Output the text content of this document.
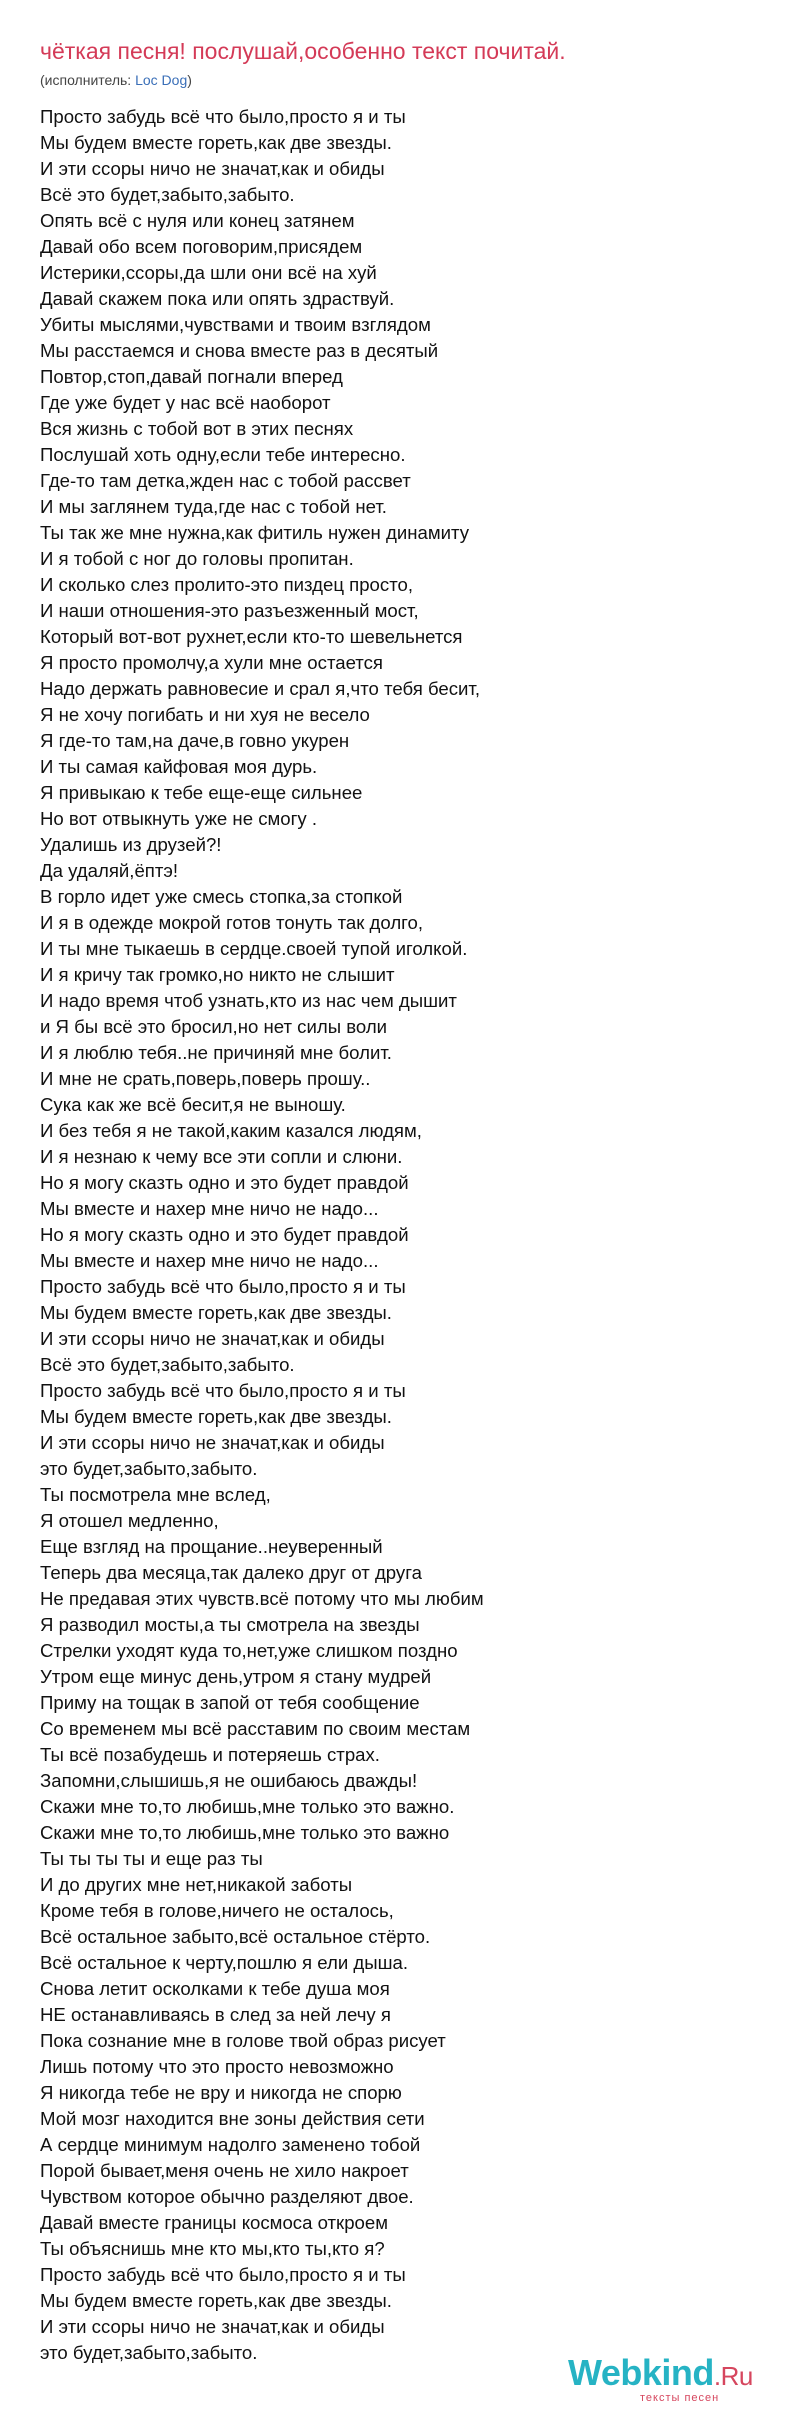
чёткая песня! послушай,особенно текст почитай.
(исполнитель: Loc Dog)
Просто забудь всё что было,просто я и ты
Мы будем вместе гореть,как две звезды.
И эти ссоры ничо не значат,как и обиды
Всё это будет,забыто,забыто.
Опять всё с нуля или конец затянем
Давай обо всем поговорим,присядем
Истерики,ссоры,да шли они всё на хуй
Давай скажем пока или опять здраствуй.
Убиты мыслями,чувствами и твоим взглядом
Мы расстаемся и снова вместе раз в десятый
Повтор,стоп,давай погнали вперед
Где уже будет у нас всё наоборот
Вся жизнь с тобой вот в этих песнях
Послушай хоть одну,если тебе интересно.
Где-то там детка,жден нас с тобой рассвет
И мы заглянем туда,где нас с тобой нет.
Ты так же мне нужна,как фитиль нужен динамиту
И я тобой с ног до головы пропитан.
И сколько слез пролито-это пиздец просто,
И наши отношения-это разъезженный мост,
Который вот-вот рухнет,если кто-то шевельнется
Я просто промолчу,а хули мне остается
Надо держать равновесие и срал я,что тебя бесит,
Я не хочу погибать и ни хуя не весело
Я где-то там,на даче,в говно укурен
И ты самая кайфовая моя дурь.
Я привыкаю к тебе еще-еще сильнее
Но вот отвыкнуть уже не смогу .
Удалишь из друзей?!
Да удаляй,ёптэ!
В горло идет уже смесь стопка,за стопкой
И я в одежде мокрой готов тонуть так долго,
И ты мне тыкаешь в сердце.своей тупой иголкой.
И я кричу так громко,но никто не слышит
И надо время чтоб узнать,кто из нас чем дышит
и Я бы всё это бросил,но нет силы воли
И я люблю тебя..не причиняй мне болит.
И мне не срать,поверь,поверь прошу..
Сука как же всё бесит,я не выношу.
И без тебя я не такой,каким казался людям,
И я незнаю к чему все эти сопли и слюни.
Но я могу сказть одно и это будет правдой
Мы вместе и нахер мне ничо не надо...
Но я могу сказть одно и это будет правдой
Мы вместе и нахер мне ничо не надо...
Просто забудь всё что было,просто я и ты
Мы будем вместе гореть,как две звезды.
И эти ссоры ничо не значат,как и обиды
Всё это будет,забыто,забыто.
Просто забудь всё что было,просто я и ты
Мы будем вместе гореть,как две звезды.
И эти ссоры ничо не значат,как и обиды
это будет,забыто,забыто.
Ты посмотрела мне вслед,
Я отошел медленно,
Еще взгляд на прощание..неуверенный
Теперь два месяца,так далеко друг от друга
Не предавая этих чувств.всё потому что мы любим
Я разводил мосты,а ты смотрела на звезды
Стрелки уходят куда то,нет,уже слишком поздно
Утром еще минус день,утром я стану мудрей
Приму на тощак в запой от тебя сообщение
Со временем мы всё расставим по своим местам
Ты всё позабудешь и потеряешь страх.
Запомни,слышишь,я не ошибаюсь дважды!
Скажи мне то,то любишь,мне только это важно.
Скажи мне то,то любишь,мне только это важно
Ты ты ты ты и еще раз ты
И до других мне нет,никакой заботы
Кроме тебя в голове,ничего не осталось,
Всё остальное забыто,всё остальное стёрто.
Всё остальное к черту,пошлю я ели дыша.
Снова летит осколками к тебе душа моя
НЕ останавливаясь в след за ней лечу я
Пока сознание мне в голове твой образ рисует
Лишь потому что это просто невозможно
Я никогда тебе не вру и никогда не спорю
Мой мозг находится вне зоны действия сети
А сердце минимум надолго заменено тобой
Порой бывает,меня очень не хило накроет
Чувством которое обычно разделяют двое.
Давай вместе границы космоса откроем
Ты объяснишь мне кто мы,кто ты,кто я?
Просто забудь всё что было,просто я и ты
Мы будем вместе гореть,как две звезды.
И эти ссоры ничо не значат,как и обиды
это будет,забыто,забыто.	Webkind.Ru
тексты песен
